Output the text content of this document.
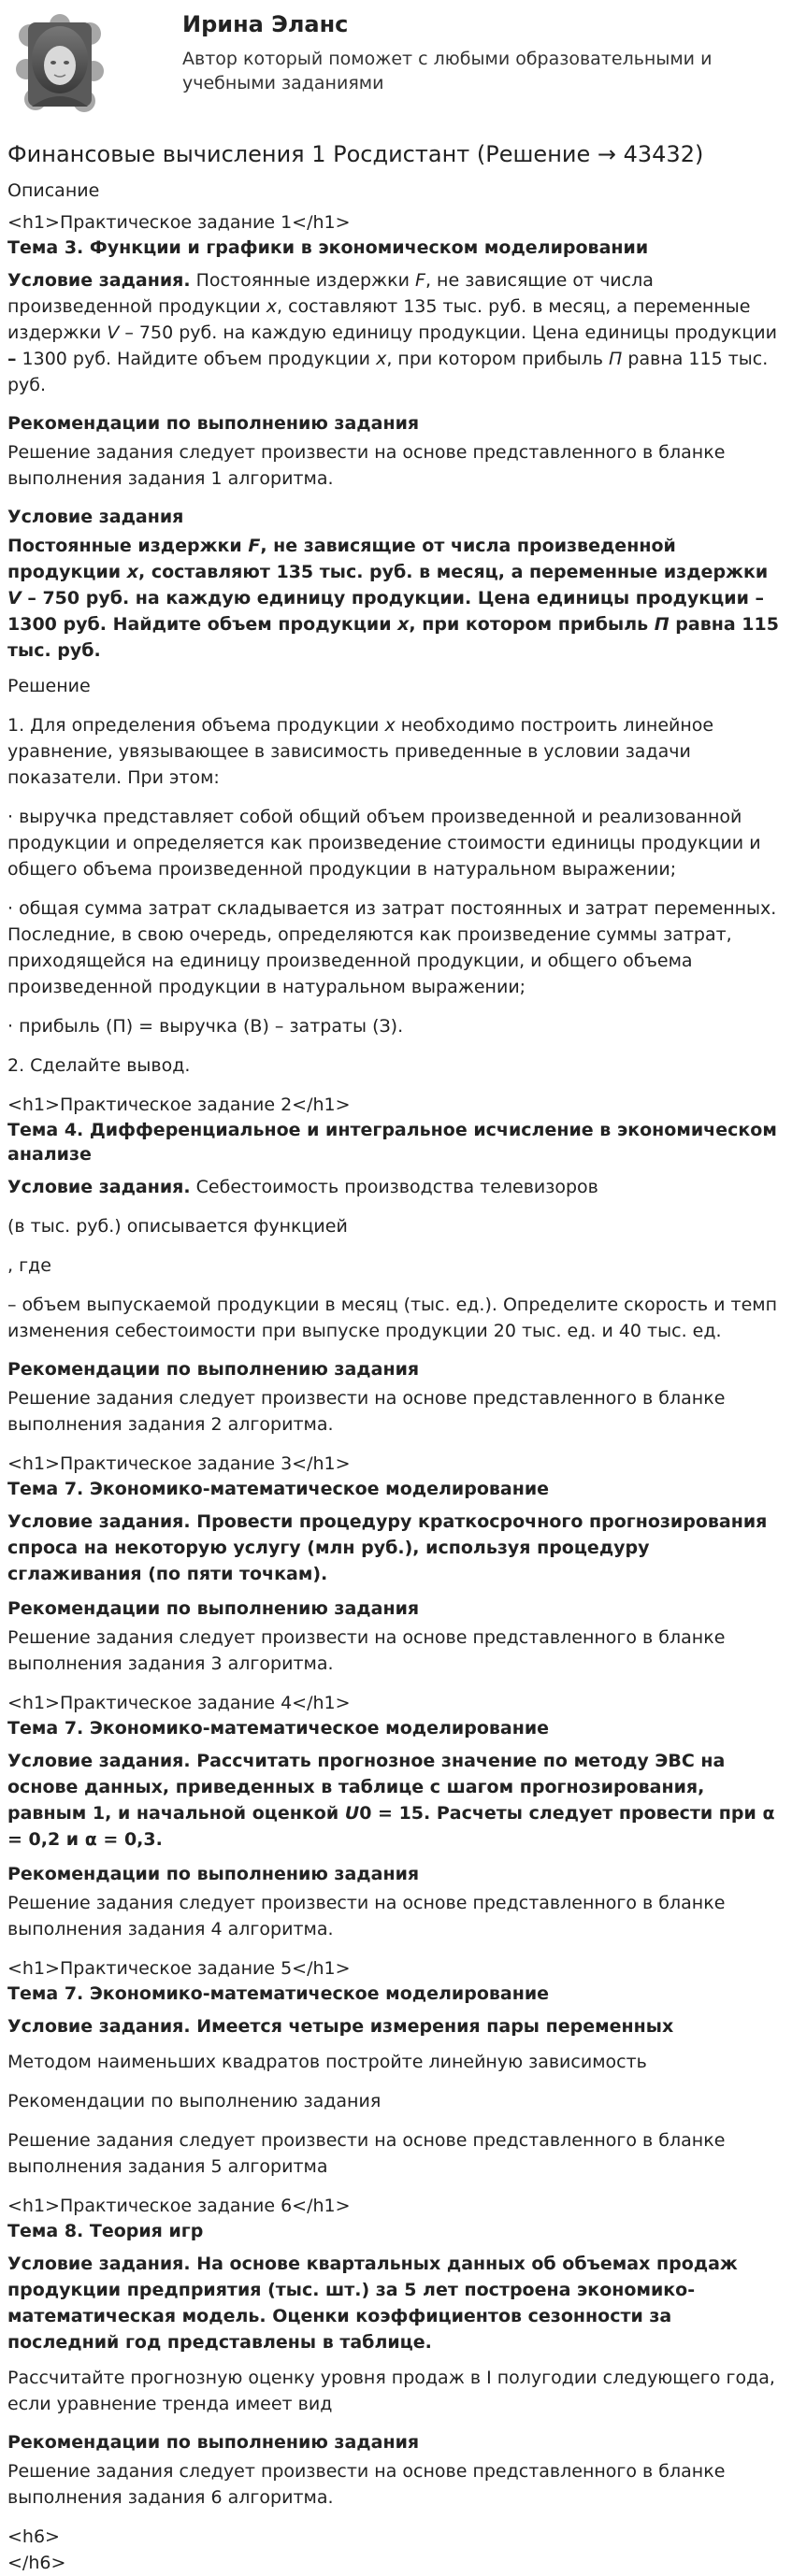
Ирина Эланс
Автор который поможет с любыми образовательными и учебными заданиями
Финансовые вычисления 1 Росдистант (Решение → 43432)

Описание

<h1>Практическое задание 1</h1>

Тема 3. Функции и графики в экономическом моделировании

Условие задания. Постоянные издержки F, не зависящие от числа произведенной продукции x, составляют 135 тыс. руб. в месяц, а переменные издержки V – 750 руб. на каждую единицу продукции. Цена единицы продукции – 1300 руб. Найдите объем продукции x, при котором прибыль П равна 115 тыс. руб.

Рекомендации по выполнению задания

Решение задания следует произвести на основе представленного в бланке выполнения задания 1 алгоритма.

Условие задания

Постоянные издержки F, не зависящие от числа произведенной продукции x, составляют 135 тыс. руб. в месяц, а переменные издержки V – 750 руб. на каждую единицу продукции. Цена единицы продукции – 1300 руб. Найдите объем продукции x, при котором прибыль П равна 115 тыс. руб.

Решение

1. Для определения объема продукции x необходимо построить линейное уравнение, увязывающее в зависимость приведенные в условии задачи показатели. При этом:

· выручка представляет собой общий объем произведенной и реализованной продукции и определяется как произведение стоимости единицы продукции и общего объема произведенной продукции в натуральном выражении;

· общая сумма затрат складывается из затрат постоянных и затрат переменных. Последние, в свою очередь, определяются как произведение суммы затрат, приходящейся на единицу произведенной продукции, и общего объема произведенной продукции в натуральном выражении;

· прибыль (П) = выручка (В) – затраты (З).

2. Сделайте вывод.

<h1>Практическое задание 2</h1>

Тема 4. Дифференциальное и интегральное исчисление в экономическом анализе

Условие задания. Себестоимость производства телевизоров

(в тыс. руб.) описывается функцией

, где

– объем выпускаемой продукции в месяц (тыс. ед.). Определите скорость и темп изменения себестоимости при выпуске продукции 20 тыс. ед. и 40 тыс. ед.

Рекомендации по выполнению задания

Решение задания следует произвести на основе представленного в бланке выполнения задания 2 алгоритма.

<h1>Практическое задание 3</h1>

Тема 7. Экономико-математическое моделирование

Условие задания. Провести процедуру краткосрочного прогнозирования спроса на некоторую услугу (млн руб.), используя процедуру сглаживания (по пяти точкам).

Рекомендации по выполнению задания

Решение задания следует произвести на основе представленного в бланке выполнения задания 3 алгоритма.

<h1>Практическое задание 4</h1>

Тема 7. Экономико-математическое моделирование

Условие задания. Рассчитать прогнозное значение по методу ЭВС на основе данных, приведенных в таблице с шагом прогнозирования, равным 1, и начальной оценкой U0 = 15. Расчеты следует провести при α = 0,2 и α = 0,3.

Рекомендации по выполнению задания

Решение задания следует произвести на основе представленного в бланке выполнения задания 4 алгоритма.

<h1>Практическое задание 5</h1>

Тема 7. Экономико-математическое моделирование

Условие задания. Имеется четыре измерения пары переменных

Методом наименьших квадратов постройте линейную зависимость

Рекомендации по выполнению задания

Решение задания следует произвести на основе представленного в бланке выполнения задания 5 алгоритма

<h1>Практическое задание 6</h1>

Тема 8. Теория игр

Условие задания. На основе квартальных данных об объемах продаж продукции предприятия (тыс. шт.) за 5 лет построена экономико-математическая модель. Оценки коэффициентов сезонности за последний год представлены в таблице.

Рассчитайте прогнозную оценку уровня продаж в I полугодии следующего года, если уравнение тренда имеет вид

Рекомендации по выполнению задания

Решение задания следует произвести на основе представленного в бланке выполнения задания 6 алгоритма.

<h6>

</h6>
